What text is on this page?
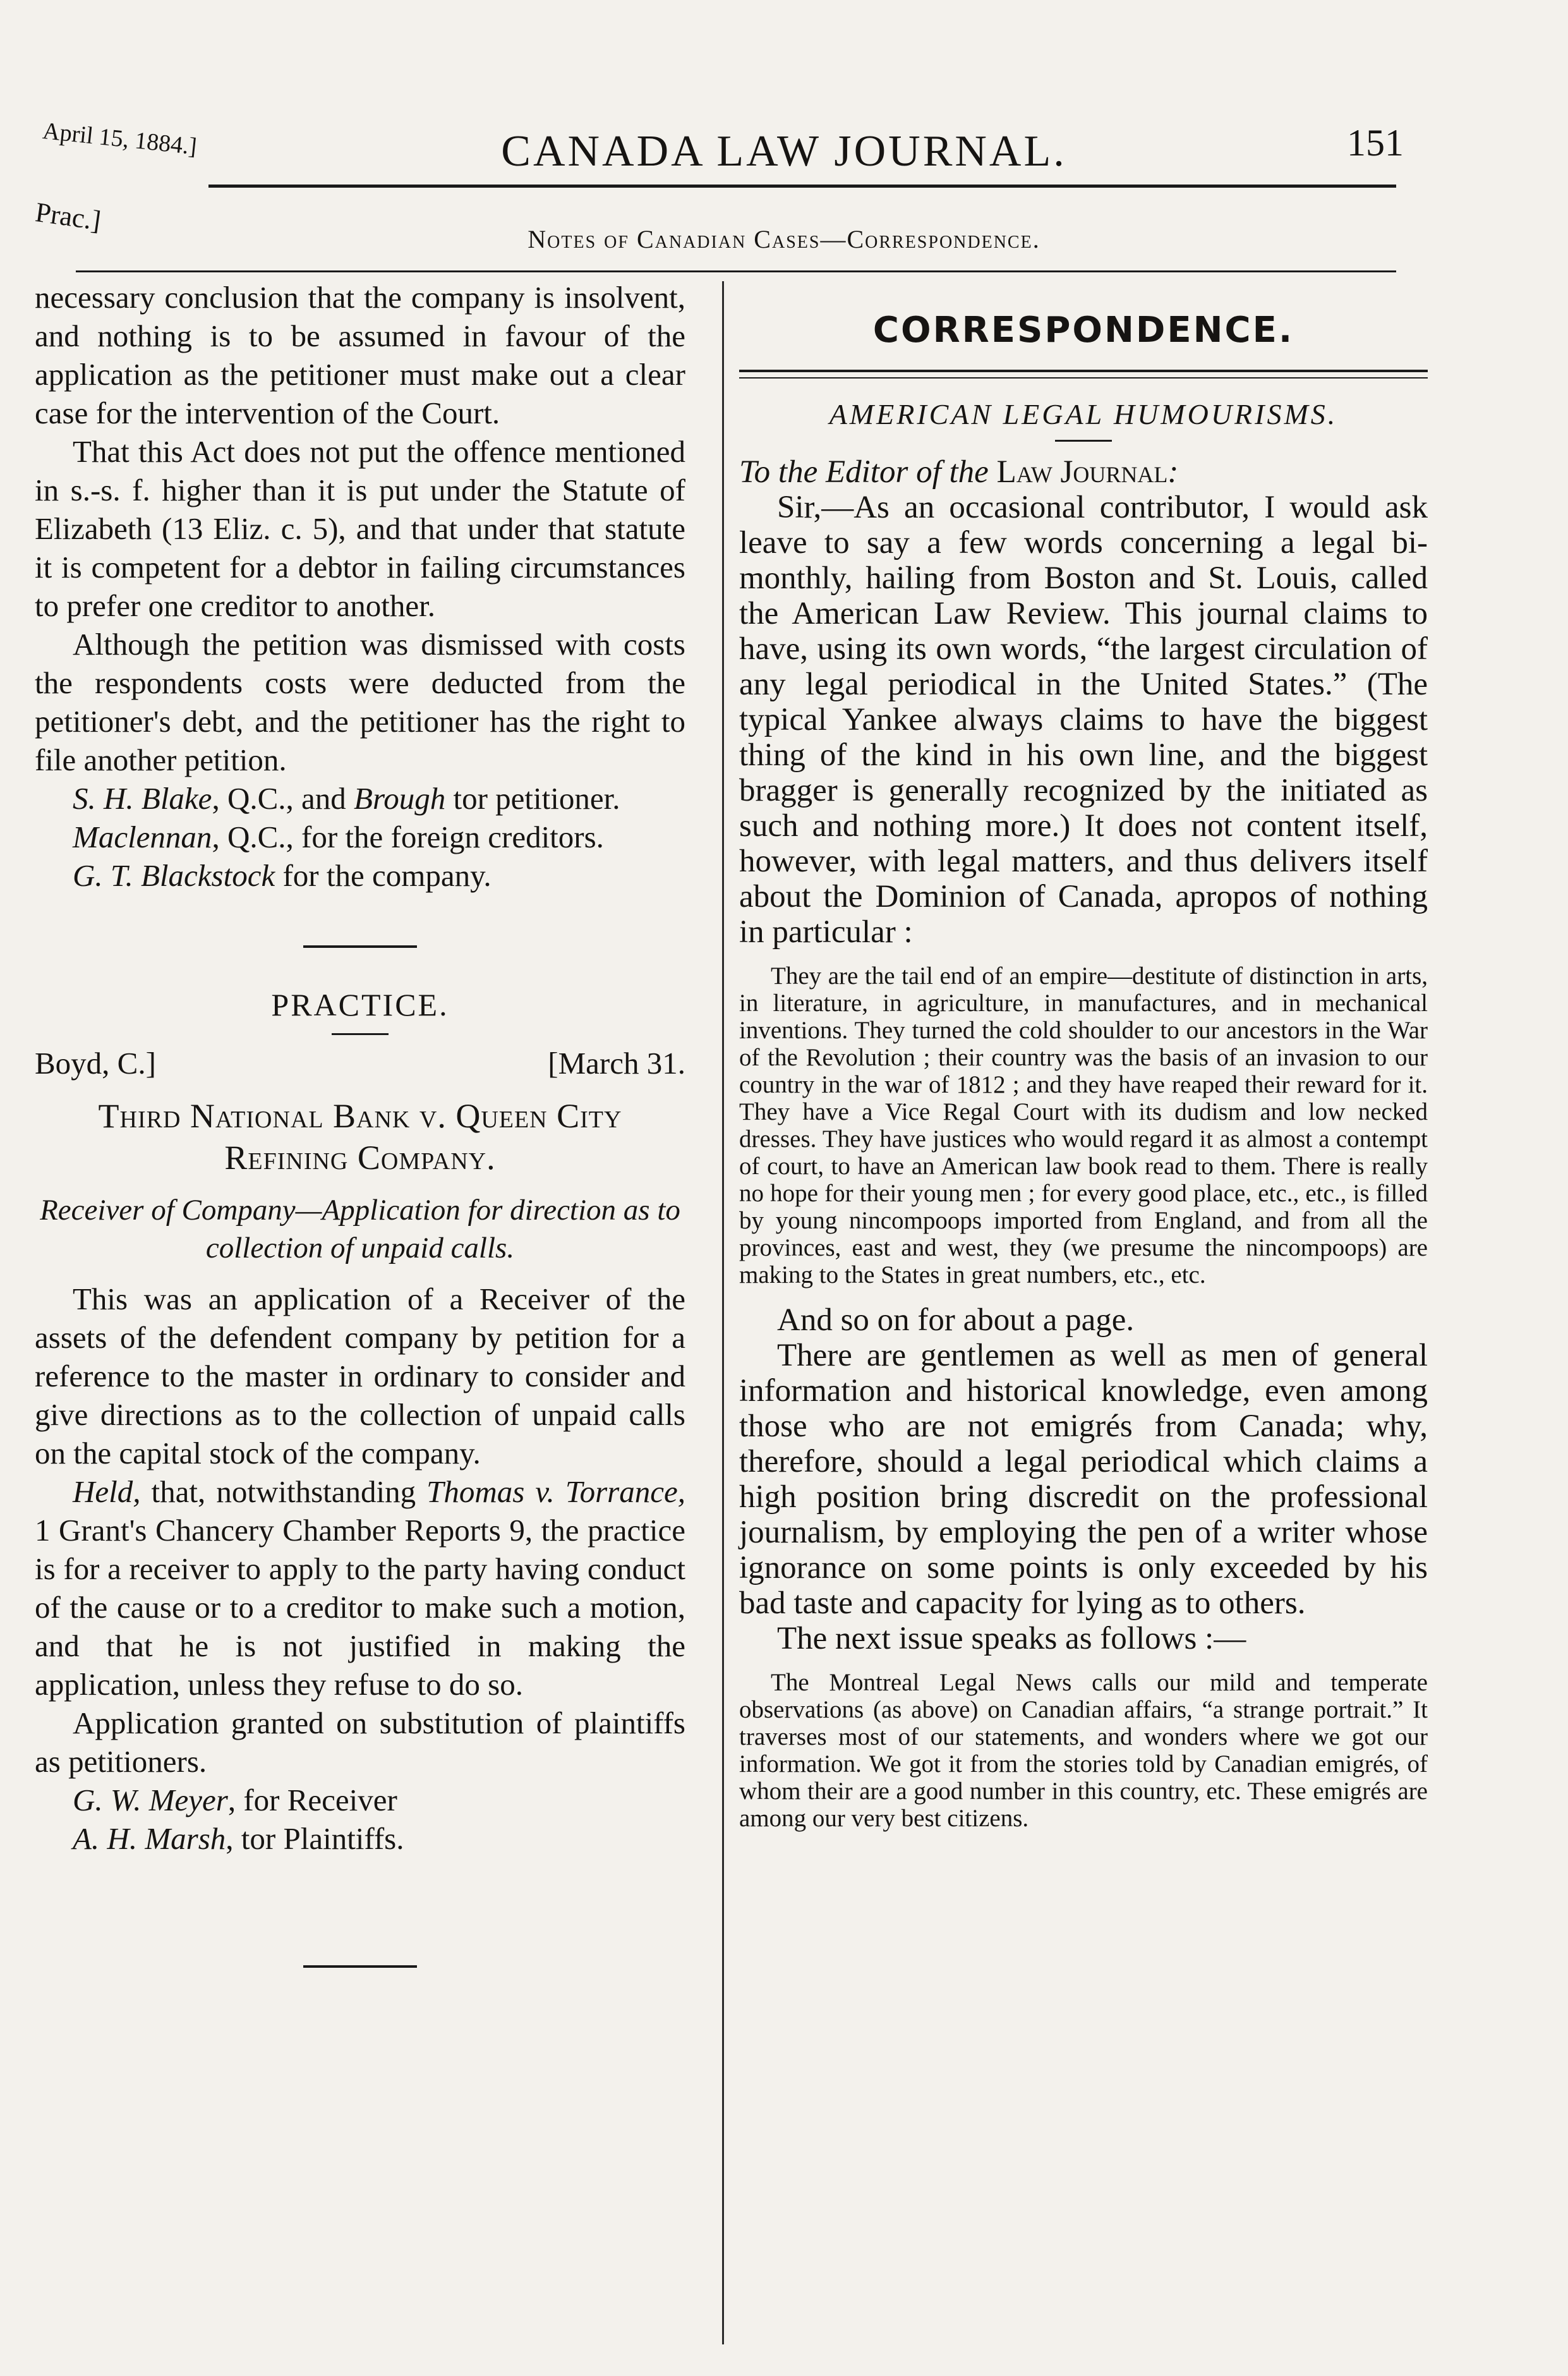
April 15, 1884.]	CANADA LAW JOURNAL.	151
Prac.]
Notes of Canadian Cases—Correspondence.

necessary conclusion that the company is insolvent, and nothing is to be assumed in favour of the application as the petitioner must make out a clear case for the intervention of the Court.

That this Act does not put the offence mentioned in s.-s. f. higher than it is put under the Statute of Elizabeth (13 Eliz. c. 5), and that under that statute it is competent for a debtor in failing circumstances to prefer one creditor to another.

Although the petition was dismissed with costs the respondents costs were deducted from the petitioner's debt, and the petitioner has the right to file another petition.

S. H. Blake, Q.C., and Brough tor petitioner.

Maclennan, Q.C., for the foreign creditors.

G. T. Blackstock for the company.

PRACTICE.
Boyd, C.]	[March 31.
Third National Bank v. Queen City
Refining Company.
Receiver of Company—Application for direction as to collection of unpaid calls.

This was an application of a Receiver of the assets of the defendent company by petition for a reference to the master in ordinary to consider and give directions as to the collection of unpaid calls on the capital stock of the company.

Held, that, notwithstanding Thomas v. Torrance, 1 Grant's Chancery Chamber Reports 9, the practice is for a receiver to apply to the party having conduct of the cause or to a creditor to make such a motion, and that he is not justified in making the application, unless they refuse to do so.

Application granted on substitution of plaintiffs as petitioners.

G. W. Meyer, for Receiver

A. H. Marsh, tor Plaintiffs.

CORRESPONDENCE.
AMERICAN LEGAL HUMOURISMS.

To the Editor of the Law Journal:

Sir,—As an occasional contributor, I would ask leave to say a few words concerning a legal bi-monthly, hailing from Boston and St. Louis, called the American Law Review. This journal claims to have, using its own words, “the largest circulation of any legal periodical in the United States.” (The typical Yankee always claims to have the biggest thing of the kind in his own line, and the biggest bragger is generally recognized by the initiated as such and nothing more.) It does not content itself, however, with legal matters, and thus delivers itself about the Dominion of Canada, apropos of nothing in particular :

They are the tail end of an empire—destitute of distinction in arts, in literature, in agriculture, in manufactures, and in mechanical inventions. They turned the cold shoulder to our ancestors in the War of the Revolution ; their country was the basis of an invasion to our country in the war of 1812 ; and they have reaped their reward for it. They have a Vice Regal Court with its dudism and low necked dresses. They have justices who would regard it as almost a contempt of court, to have an American law book read to them. There is really no hope for their young men ; for every good place, etc., etc., is filled by young nincompoops imported from England, and from all the provinces, east and west, they (we presume the nincompoops) are making to the States in great numbers, etc., etc.

And so on for about a page.

There are gentlemen as well as men of general information and historical knowledge, even among those who are not emigrés from Canada; why, therefore, should a legal periodical which claims a high position bring discredit on the professional journalism, by employing the pen of a writer whose ignorance on some points is only exceeded by his bad taste and capacity for lying as to others.

The next issue speaks as follows :—

The Montreal Legal News calls our mild and temperate observations (as above) on Canadian affairs, “a strange portrait.” It traverses most of our statements, and wonders where we got our information. We got it from the stories told by Canadian emigrés, of whom their are a good number in this country, etc. These emigrés are among our very best citizens.
